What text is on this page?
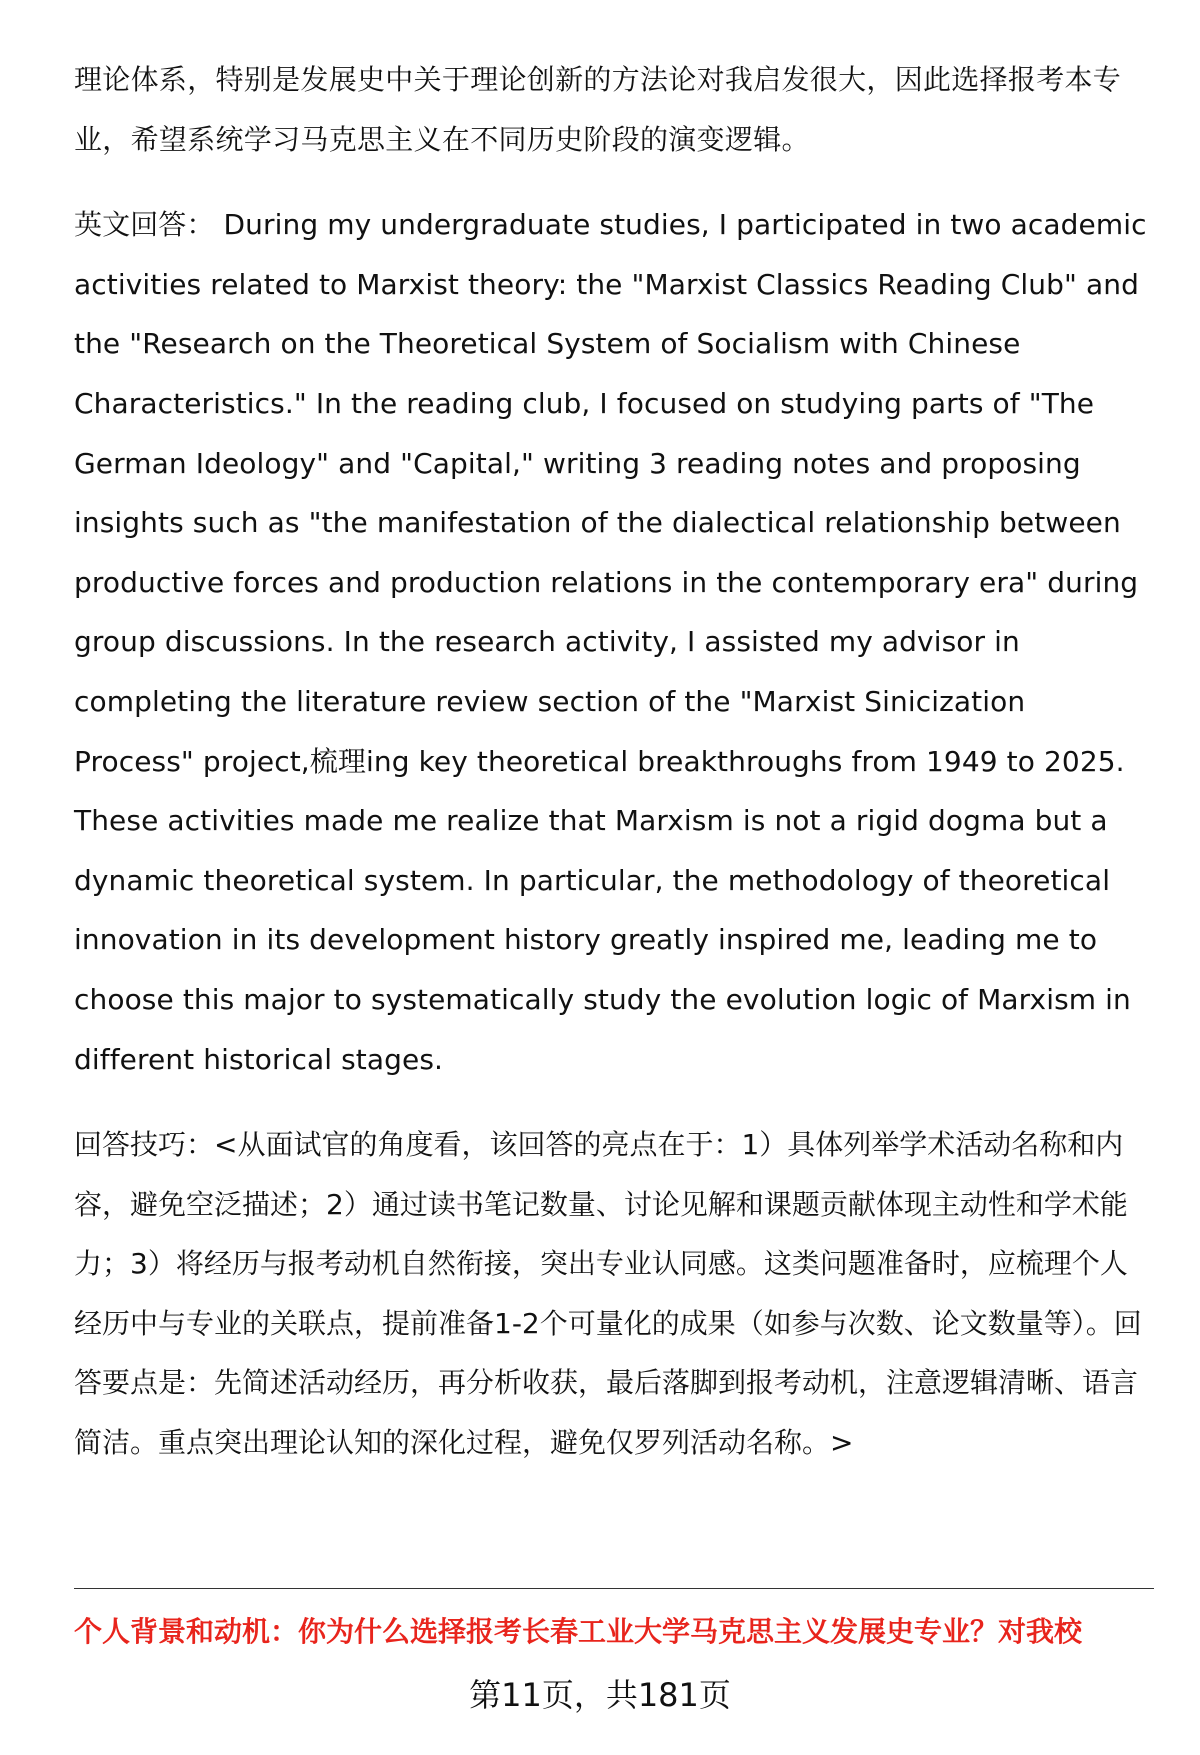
理论体系，特别是发展史中关于理论创新的方法论对我启发很大，因此选择报考本专业，希望系统学习马克思主义在不同历史阶段的演变逻辑。

英文回答： During my undergraduate studies, I participated in two academic activities related to Marxist theory: the "Marxist Classics Reading Club" and the "Research on the Theoretical System of Socialism with Chinese Characteristics." In the reading club, I focused on studying parts of "The German Ideology" and "Capital," writing 3 reading notes and proposing insights such as "the manifestation of the dialectical relationship between productive forces and production relations in the contemporary era" during group discussions. In the research activity, I assisted my advisor in completing the literature review section of the "Marxist Sinicization Process" project,梳理ing key theoretical breakthroughs from 1949 to 2025. These activities made me realize that Marxism is not a rigid dogma but a dynamic theoretical system. In particular, the methodology of theoretical innovation in its development history greatly inspired me, leading me to choose this major to systematically study the evolution logic of Marxism in different historical stages.

回答技巧：<从面试官的角度看，该回答的亮点在于：1）具体列举学术活动名称和内容，避免空泛描述；2）通过读书笔记数量、讨论见解和课题贡献体现主动性和学术能力；3）将经历与报考动机自然衔接，突出专业认同感。这类问题准备时，应梳理个人经历中与专业的关联点，提前准备1-2个可量化的成果（如参与次数、论文数量等）。回答要点是：先简述活动经历，再分析收获，最后落脚到报考动机，注意逻辑清晰、语言简洁。重点突出理论认知的深化过程，避免仅罗列活动名称。>

个人背景和动机：你为什么选择报考长春工业大学马克思主义发展史专业？对我校
第11页，共181页
